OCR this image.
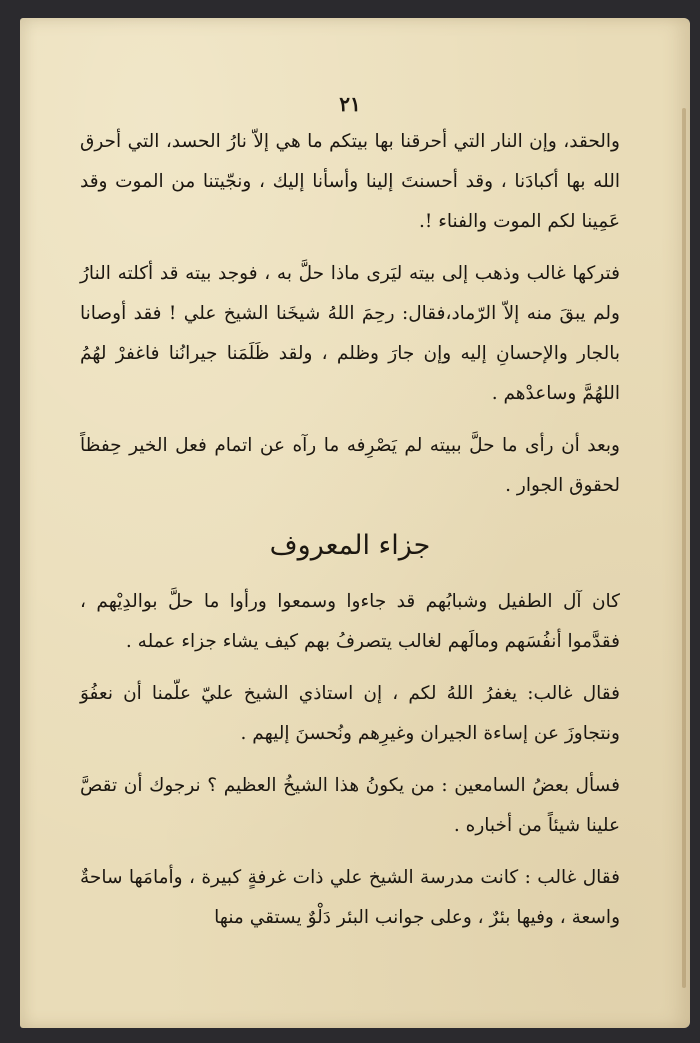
٢١

والحقد، وإن النار التي أحرقنا بها بيتكم ما هي إلاّ نارُ الحسد، التي أحرق الله بها أكبادَنا ، وقد أحسنتَ إلينا وأسأنا إليك ، ونجّيتنا من الموت وقد عَمِينا لكم الموت والفناء !.

فتركها غالب وذهب إلى بيته ليَرى ماذا حلَّ به ، فوجد بيته قد أكلته النارُ ولم يبقَ منه إلاّ الرّماد،فقال: رحِمَ اللهُ شيخَنا الشيخ علي ! فقد أوصانا بالجار والإحسانِ إليه وإن جارَ وظلم ، ولقد ظَلَمَنا جيرانُنا فاغفرْ لهُمُ اللهُمَّ وساعدْهم .

وبعد أن رأى ما حلَّ ببيته لم يَصْرِفه ما رآه عن اتمام فعل الخير حِفظاً لحقوق الجوار .

جزاء المعروف

كان آل الطفيل وشبابُهم قد جاءوا وسمعوا ورأوا ما حلَّ بوالدِيْهم ، فقدَّموا أنفُسَهم ومالَهم لغالب يتصرفُ بهم كيف يشاء جزاء عمله .

فقال غالب: يغفرُ اللهُ لكم ، إن استاذي الشيخ عليّ علّمنا أن نعفُوَ ونتجاوزَ عن إساءة الجيران وغيرِهم ونُحسنَ إليهم .

فسأل بعضُ السامعين : من يكونُ هذا الشيخُ العظيم ؟ نرجوك أن تقصَّ علينا شيئاً من أخباره .

فقال غالب : كانت مدرسة الشيخ علي ذات غرفةٍ كبيرة ، وأمامَها ساحةٌ واسعة ، وفيها بئرٌ ، وعلى جوانب البئر دَلْوٌ يستقي منها
